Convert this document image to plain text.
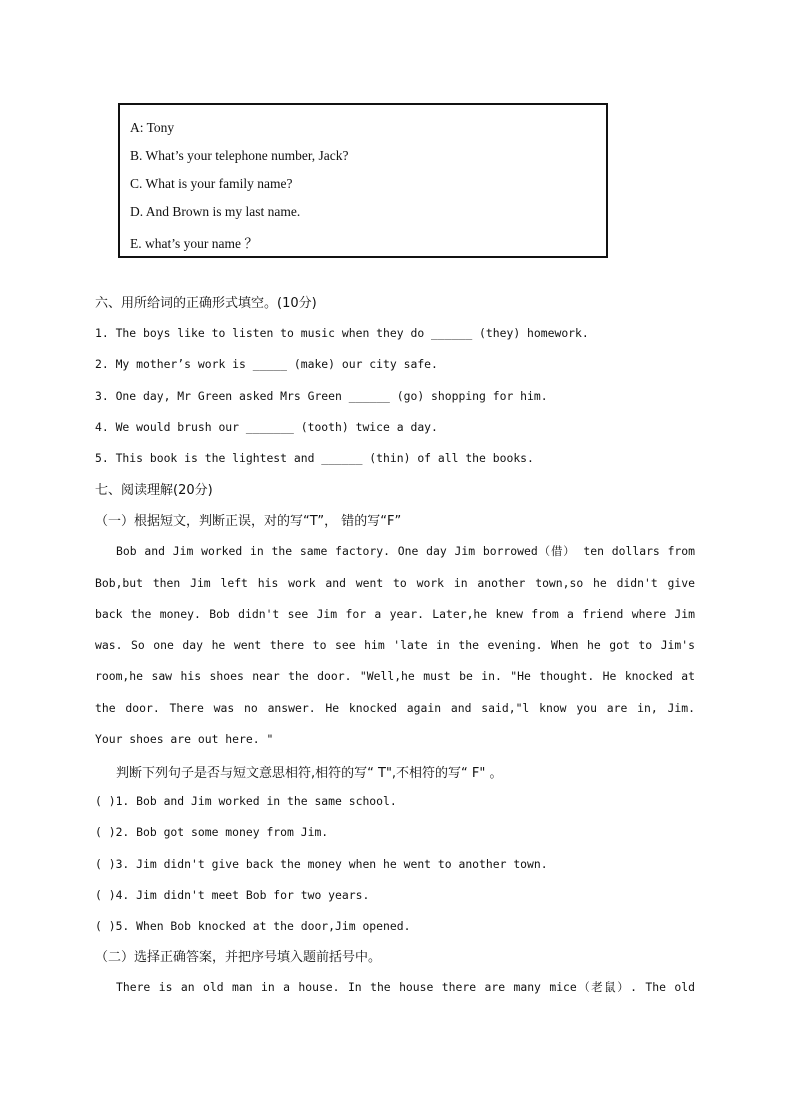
A: Tony
B. What’s your telephone number, Jack?
C. What is your family name?
D. And Brown is my last name.
E. what’s your name ？
六、用所给词的正确形式填空。(10分)
1. The boys like to listen to music when they do ______ (they) homework.
2. My mother’s work is _____ (make) our city safe.
3. One day, Mr Green asked Mrs Green ______ (go) shopping for him.
4. We would brush our _______ (tooth) twice a day.
5. This book is the lightest and ______ (thin) of all the books.
七、阅读理解(20分)
（一）根据短文，判断正误，对的写“T”， 错的写“F”
Bob and Jim worked in the same factory. One day Jim borrowed（借） ten dollars from
Bob,but then Jim left his work and went to work in another town,so he didn't give
back the money. Bob didn't see Jim for a year. Later,he knew from a friend where Jim
was. So one day he went there to see him 'late in the evening. When he got to Jim's
room,he saw his shoes near the door. "Well,he must be in. "He thought. He knocked at
the door. There was no answer. He knocked again and said,"l know you are in, Jim.
Your shoes are out here. "
判断下列句子是否与短文意思相符,相符的写“ T",不相符的写“ F" 。
( )1. Bob and Jim worked in the same school.
( )2. Bob got some money from Jim.
( )3. Jim didn't give back the money when he went to another town.
( )4. Jim didn't meet Bob for two years.
( )5. When Bob knocked at the door,Jim opened.
（二）选择正确答案，并把序号填入题前括号中。
There is an old man in a house. In the house there are many mice（老鼠）. The old
